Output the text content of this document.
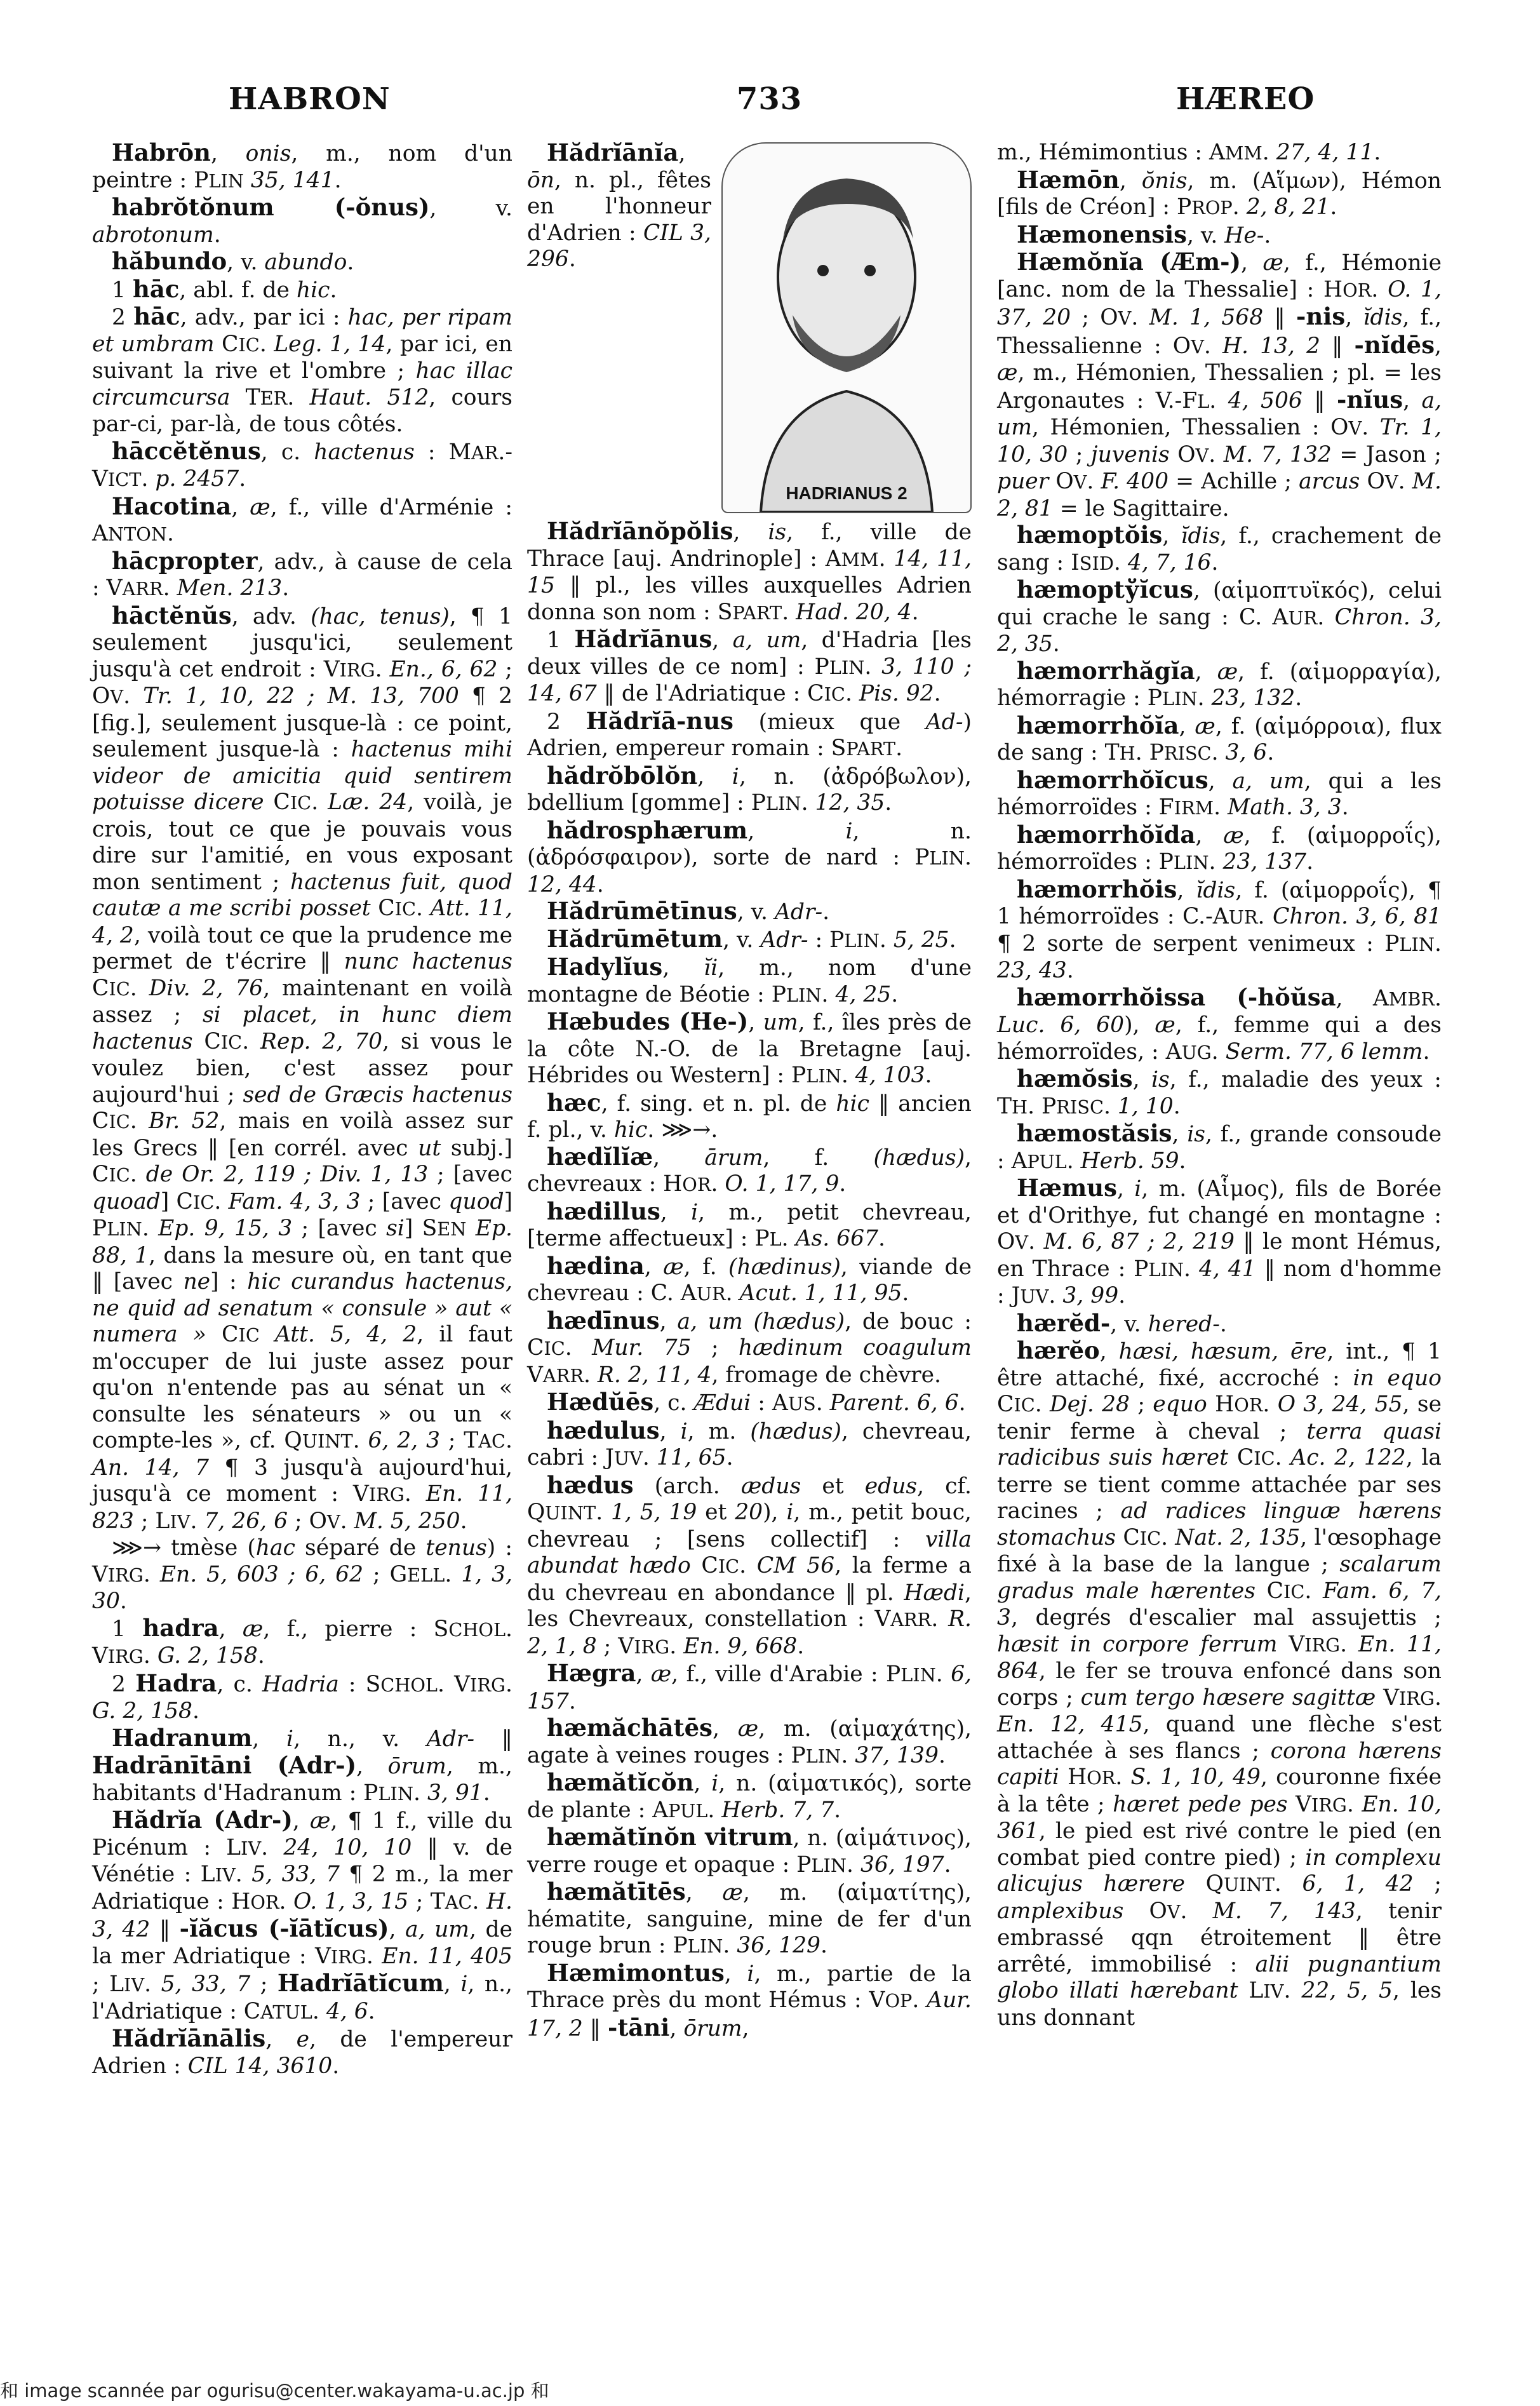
HABRON	733	HÆREO

Habrōn, onis, m., nom d'un peintre : PLIN 35, 141.

habrŏtŏnum (-ŏnus), v. abrotonum.

hăbundo, v. abundo.

1 hāc, abl. f. de hic.

2 hāc, adv., par ici : hac, per ripam et umbram CIC. Leg. 1, 14, par ici, en suivant la rive et l'ombre ; hac illac circumcursa TER. Haut. 512, cours par-ci, par-là, de tous côtés.

hāccĕtĕnus, c. hactenus : MAR.-VICT. p. 2457.

Hacotina, æ, f., ville d'Arménie : ANTON.

hācpropter, adv., à cause de cela : VARR. Men. 213.

hāctĕnŭs, adv. (hac, tenus), ¶ 1 seulement jusqu'ici, seulement jusqu'à cet endroit : VIRG. En., 6, 62 ; OV. Tr. 1, 10, 22 ; M. 13, 700 ¶ 2 [fig.], seulement jusque-là : ce point, seulement jusque-là : hactenus mihi videor de amicitia quid sentirem potuisse dicere CIC. Læ. 24, voilà, je crois, tout ce que je pouvais vous dire sur l'amitié, en vous exposant mon sentiment ; hactenus fuit, quod cautæ a me scribi posset CIC. Att. 11, 4, 2, voilà tout ce que la prudence me permet de t'écrire ‖ nunc hactenus CIC. Div. 2, 76, maintenant en voilà assez ; si placet, in hunc diem hactenus CIC. Rep. 2, 70, si vous le voulez bien, c'est assez pour aujourd'hui ; sed de Græcis hactenus CIC. Br. 52, mais en voilà assez sur les Grecs ‖ [en corrél. avec ut subj.] CIC. de Or. 2, 119 ; Div. 1, 13 ; [avec quoad] CIC. Fam. 4, 3, 3 ; [avec quod] PLIN. Ep. 9, 15, 3 ; [avec si] SEN Ep. 88, 1, dans la mesure où, en tant que ‖ [avec ne] : hic curandus hactenus, ne quid ad senatum « consule » aut « numera » CIC Att. 5, 4, 2, il faut m'occuper de lui juste assez pour qu'on n'entende pas au sénat un « consulte les sénateurs » ou un « compte-les », cf. QUINT. 6, 2, 3 ; TAC. An. 14, 7 ¶ 3 jusqu'à aujourd'hui, jusqu'à ce moment : VIRG. En. 11, 823 ; LIV. 7, 26, 6 ; OV. M. 5, 250.

⋙→ tmèse (hac séparé de tenus) : VIRG. En. 5, 603 ; 6, 62 ; GELL. 1, 3, 30.

1 hadra, æ, f., pierre : SCHOL. VIRG. G. 2, 158.

2 Hadra, c. Hadria : SCHOL. VIRG. G. 2, 158.

Hadranum, i, n., v. Adr- ‖ Hadrānītāni (Adr-), ōrum, m., habitants d'Hadranum : PLIN. 3, 91.

Hădrĭa (Adr-), æ, ¶ 1 f., ville du Picénum : LIV. 24, 10, 10 ‖ v. de Vénétie : LIV. 5, 33, 7 ¶ 2 m., la mer Adriatique : HOR. O. 1, 3, 15 ; TAC. H. 3, 42 ‖ -ĭăcus (-ĭātĭcus), a, um, de la mer Adriatique : VIRG. En. 11, 405 ; LIV. 5, 33, 7 ; Hadrĭātĭcum, i, n., l'Adriatique : CATUL. 4, 6.

Hădrĭānālis, e, de l'empereur Adrien : CIL 14, 3610.

HADRIANUS 2

Hădrĭānĭa, ōn, n. pl., fêtes en l'honneur d'Adrien : CIL 3, 296.

Hădrĭānŏpŏlis, is, f., ville de Thrace [auj. Andrinople] : AMM. 14, 11, 15 ‖ pl., les villes auxquelles Adrien donna son nom : SPART. Had. 20, 4.

1 Hădrĭānus, a, um, d'Hadria [les deux villes de ce nom] : PLIN. 3, 110 ; 14, 67 ‖ de l'Adriatique : CIC. Pis. 92.

2 Hădrĭā-nus (mieux que Ad-) Adrien, empereur romain : SPART.

hădrŏbōlŏn, i, n. (ἀδρόβωλον), bdellium [gomme] : PLIN. 12, 35.

hădrosphærum, i, n. (ἁδρόσφαιρον), sorte de nard : PLIN. 12, 44.

Hădrūmētīnus, v. Adr-.

Hădrūmētum, v. Adr- : PLIN. 5, 25.

Hadylĭus, ĭi, m., nom d'une montagne de Béotie : PLIN. 4, 25.

Hæbudes (He-), um, f., îles près de la côte N.-O. de la Bretagne [auj. Hébrides ou Western] : PLIN. 4, 103.

hæc, f. sing. et n. pl. de hic ‖ ancien f. pl., v. hic. ⋙→.

hædĭlĭæ, ārum, f. (hædus), chevreaux : HOR. O. 1, 17, 9.

hædillus, i, m., petit chevreau, [terme affectueux] : PL. As. 667.

hædina, æ, f. (hædinus), viande de chevreau : C. AUR. Acut. 1, 11, 95.

hædīnus, a, um (hædus), de bouc : CIC. Mur. 75 ; hædinum coagulum VARR. R. 2, 11, 4, fromage de chèvre.

Hædŭēs, c. Ædui : AUS. Parent. 6, 6.

hædulus, i, m. (hædus), chevreau, cabri : JUV. 11, 65.

hædus (arch. ædus et edus, cf. QUINT. 1, 5, 19 et 20), i, m., petit bouc, chevreau ; [sens collectif] : villa abundat hædo CIC. CM 56, la ferme a du chevreau en abondance ‖ pl. Hædi, les Chevreaux, constellation : VARR. R. 2, 1, 8 ; VIRG. En. 9, 668.

Hægra, æ, f., ville d'Arabie : PLIN. 6, 157.

hæmăchātēs, æ, m. (αἱμαχάτης), agate à veines rouges : PLIN. 37, 139.

hæmătĭcŏn, i, n. (αἱματικός), sorte de plante : APUL. Herb. 7, 7.

hæmătĭnŏn vitrum, n. (αἱμάτινος), verre rouge et opaque : PLIN. 36, 197.

hæmătītēs, æ, m. (αἱματίτης), hématite, sanguine, mine de fer d'un rouge brun : PLIN. 36, 129.

Hæmimontus, i, m., partie de la Thrace près du mont Hémus : VOP. Aur. 17, 2 ‖ -tāni, ōrum,

m., Hémimontius : AMM. 27, 4, 11.

Hæmōn, ŏnis, m. (Αἵμων), Hémon [fils de Créon] : PROP. 2, 8, 21.

Hæmonensis, v. He-.

Hæmŏnĭa (Æm-), æ, f., Hémonie [anc. nom de la Thessalie] : HOR. O. 1, 37, 20 ; OV. M. 1, 568 ‖ -nis, ĭdis, f., Thessalienne : OV. H. 13, 2 ‖ -nĭdēs, æ, m., Hémonien, Thessalien ; pl. = les Argonautes : V.-FL. 4, 506 ‖ -nĭus, a, um, Hémonien, Thessalien : OV. Tr. 1, 10, 30 ; juvenis OV. M. 7, 132 = Jason ; puer OV. F. 400 = Achille ; arcus OV. M. 2, 81 = le Sagittaire.

hæmoptŏis, ĭdis, f., crachement de sang : ISID. 4, 7, 16.

hæmoptўĭcus, (αἱμοπτυϊκός), celui qui crache le sang : C. AUR. Chron. 3, 2, 35.

hæmorrhăgĭa, æ, f. (αἱμορραγία), hémorragie : PLIN. 23, 132.

hæmorrhŏĭa, æ, f. (αἱμόρροια), flux de sang : TH. PRISC. 3, 6.

hæmorrhŏĭcus, a, um, qui a les hémorroïdes : FIRM. Math. 3, 3.

hæmorrhŏĭda, æ, f. (αἱμορροΐς), hémorroïdes : PLIN. 23, 137.

hæmorrhŏis, ĭdis, f. (αἱμορροΐς), ¶ 1 hémorroïdes : C.-AUR. Chron. 3, 6, 81 ¶ 2 sorte de serpent venimeux : PLIN. 23, 43.

hæmorrhŏissa (-hŏŭsa, AMBR. Luc. 6, 60), æ, f., femme qui a des hémorroïdes, : AUG. Serm. 77, 6 lemm.

hæmŏsis, is, f., maladie des yeux : TH. PRISC. 1, 10.

hæmostăsis, is, f., grande consoude : APUL. Herb. 59.

Hæmus, i, m. (Αἷμος), fils de Borée et d'Orithye, fut changé en montagne : OV. M. 6, 87 ; 2, 219 ‖ le mont Hémus, en Thrace : PLIN. 4, 41 ‖ nom d'homme : JUV. 3, 99.

hærĕd-, v. hered-.

hærĕo, hæsi, hæsum, ēre, int., ¶ 1 être attaché, fixé, accroché : in equo CIC. Dej. 28 ; equo HOR. O 3, 24, 55, se tenir ferme à cheval ; terra quasi radicibus suis hæret CIC. Ac. 2, 122, la terre se tient comme attachée par ses racines ; ad radices linguæ hærens stomachus CIC. Nat. 2, 135, l'œsophage fixé à la base de la langue ; scalarum gradus male hærentes CIC. Fam. 6, 7, 3, degrés d'escalier mal assujettis ; hæsit in corpore ferrum VIRG. En. 11, 864, le fer se trouva enfoncé dans son corps ; cum tergo hæsere sagittæ VIRG. En. 12, 415, quand une flèche s'est attachée à ses flancs ; corona hærens capiti HOR. S. 1, 10, 49, couronne fixée à la tête ; hæret pede pes VIRG. En. 10, 361, le pied est rivé contre le pied (en combat pied contre pied) ; in complexu alicujus hærere QUINT. 6, 1, 42 ; amplexibus OV. M. 7, 143, tenir embrassé qqn étroitement ‖ être arrêté, immobilisé : alii pugnantium globo illati hærebant LIV. 22, 5, 5, les uns donnant

和 image scannée par ogurisu@center.wakayama-u.ac.jp 和
